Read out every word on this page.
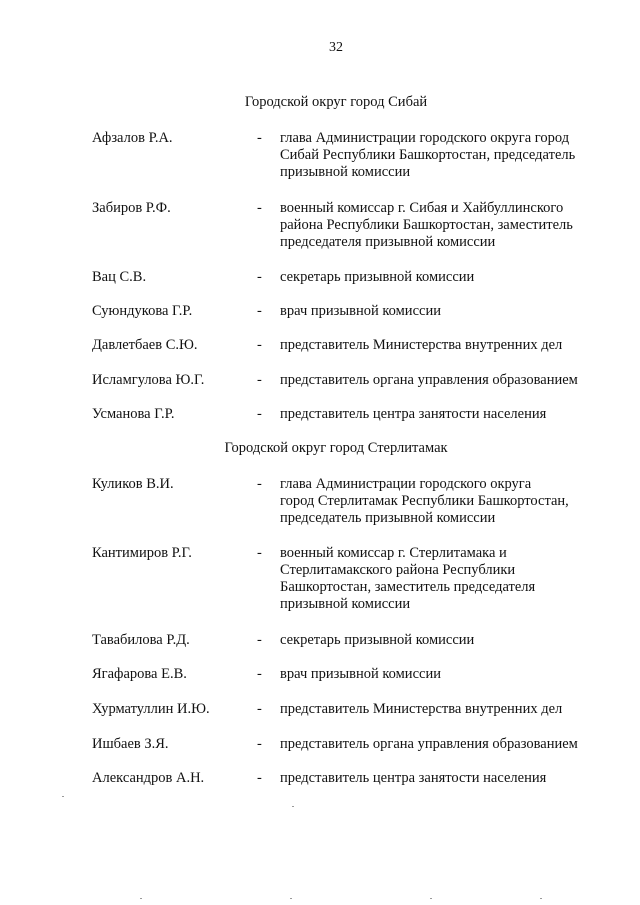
32
Городской округ город Сибай
Афзалов Р.А.	- глава Администрации городского округа город
Сибай Республики Башкортостан, председатель
призывной комиссии
Забиров Р.Ф.	- военный комиссар г. Сибая и Хайбуллинского
района Республики Башкортостан, заместитель
председателя призывной комиссии
Вац С.В.	- секретарь призывной комиссии
Суюндукова Г.Р.	- врач призывной комиссии
Давлетбаев С.Ю.	- представитель Министерства внутренних дел
Исламгулова Ю.Г.	- представитель органа управления образованием
Усманова Г.Р.	- представитель центра занятости населения
Городской округ город Стерлитамак
Куликов В.И.	- глава Администрации городского округа
город Стерлитамак Республики Башкортостан,
председатель призывной комиссии
Кантимиров Р.Г.	- военный комиссар г. Стерлитамака и
Стерлитамакского района Республики
Башкортостан, заместитель председателя
призывной комиссии
Тавабилова Р.Д.	- секретарь призывной комиссии
Ягафарова Е.В.	- врач призывной комиссии
Хурматуллин И.Ю.	- представитель Министерства внутренних дел
Ишбаев З.Я.	- представитель органа управления образованием
Александров А.Н.	- представитель центра занятости населения
